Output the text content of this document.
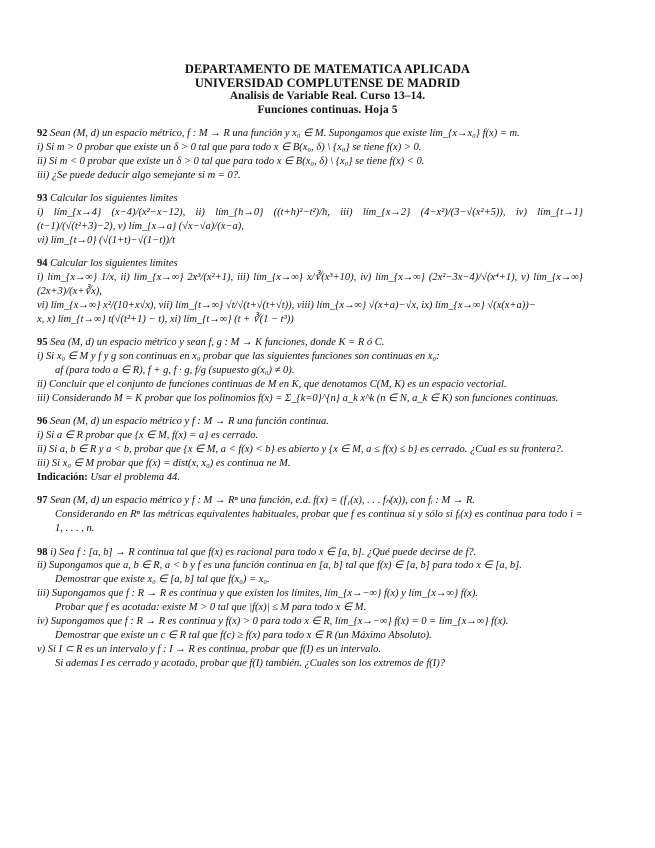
DEPARTAMENTO DE MATEMATICA APLICADA
UNIVERSIDAD COMPLUTENSE DE MADRID
Analisis de Variable Real. Curso 13–14.
Funciones continuas. Hoja 5

92 Sean (M, d) un espacio métrico, f : M → R una función y x₀ ∈ M. Supongamos que existe lím_{x→x₀} f(x) = m.

i) Si m > 0 probar que existe un δ > 0 tal que para todo x ∈ B(x₀, δ) \ {x₀} se tiene f(x) > 0.

ii) Si m < 0 probar que existe un δ > 0 tal que para todo x ∈ B(x₀, δ) \ {x₀} se tiene f(x) < 0.

iii) ¿Se puede deducir algo semejante si m = 0?.

93 Calcular los siguientes límites

i) lím_{x→4} (x−4)/(x²−x−12), ii) lím_{h→0} ((t+h)²−t²)/h, iii) lím_{x→2} (4−x²)/(3−√(x²+5)), iv) lím_{t→1} (t−1)/(√(t²+3)−2), v) lím_{x→a} (√x−√a)/(x−a),

vi) lím_{t→0} (√(1+t)−√(1−t))/t

94 Calcular los siguientes límites

i) lím_{x→∞} 1/x, ii) lím_{x→∞} 2x³/(x²+1), iii) lím_{x→∞} x/∛(x³+10), iv) lím_{x→∞} (2x²−3x−4)/√(x⁴+1), v) lím_{x→∞} (2x+3)/(x+∛x),

vi) lím_{x→∞} x²/(10+x√x), vii) lím_{t→∞} √t/√(t+√(t+√t)), viii) lím_{x→∞} √(x+a)−√x, ix) lím_{x→∞} √(x(x+a))−

x, x) lím_{t→∞} t(√(t²+1) − t), xi) lím_{t→∞} (t + ∛(1 − t³))

95 Sea (M, d) un espacio métrico y sean f, g : M → K funciones, donde K = R ó C.

i) Si x₀ ∈ M y f y g son continuas en x₀ probar que las siguientes funciones son continuas en x₀:

af (para todo a ∈ R), f + g, f · g, f/g (supuesto g(x₀) ≠ 0).

ii) Concluir que el conjunto de funciones continuas de M en K, que denotamos C(M, K) es un espacio vectorial.

iii) Considerando M = K probar que los polinomios f(x) = Σ_{k=0}^{n} a_k x^k (n ∈ N, a_k ∈ K) son funciones continuas.

96 Sean (M, d) un espacio métrico y f : M → R una función continua.

i) Si a ∈ R probar que {x ∈ M, f(x) = a} es cerrado.

ii) Si a, b ∈ R y a < b, probar que {x ∈ M, a < f(x) < b} es abierto y {x ∈ M, a ≤ f(x) ≤ b} es cerrado. ¿Cual es su frontera?.

iii) Si x₀ ∈ M probar que f(x) = dist(x, x₀) es continua ne M.

Indicación: Usar el problema 44.

97 Sean (M, d) un espacio métrico y f : M → Rⁿ una función, e.d. f(x) = (f₁(x), . . . fₙ(x)), con fᵢ : M → R.

Considerando en Rⁿ las métricas equivalentes habituales, probar que f es continua si y sólo si fᵢ(x) es continua para todo i = 1, . . . , n.

98 i) Sea f : [a, b] → R continua tal que f(x) es racional para todo x ∈ [a, b]. ¿Qué puede decirse de f?.

ii) Supongamos que a, b ∈ R, a < b y f es una función continua en [a, b] tal que f(x) ∈ [a, b] para todo x ∈ [a, b].

Demostrar que existe x₀ ∈ [a, b] tal que f(x₀) = x₀.

iii) Supongamos que f : R → R es continua y que existen los límites, lím_{x→−∞} f(x) y lím_{x→∞} f(x).

Probar que f es acotada: existe M > 0 tal que |f(x)| ≤ M para todo x ∈ M.

iv) Supongamos que f : R → R es continua y f(x) > 0 para todo x ∈ R, lím_{x→−∞} f(x) = 0 = lím_{x→∞} f(x).

Demostrar que existe un c ∈ R tal que f(c) ≥ f(x) para todo x ∈ R (un Máximo Absoluto).

v) Si I ⊂ R es un intervalo y f : I → R es continua, probar que f(I) es un intervalo.

Si ademas I es cerrado y acotado, probar que f(I) también. ¿Cuales son los extremos de f(I)?
